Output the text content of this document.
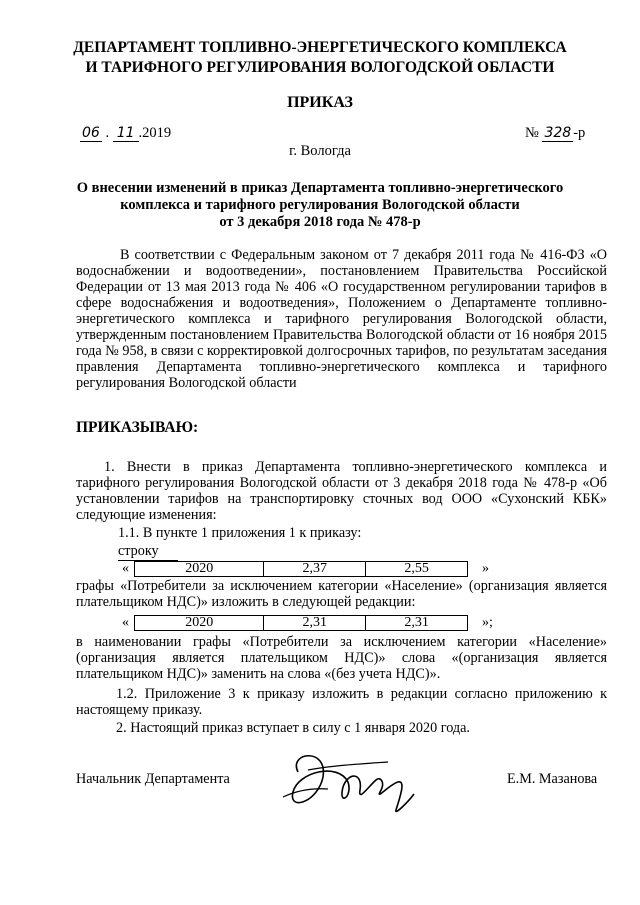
ДЕПАРТАМЕНТ ТОПЛИВНО-ЭНЕРГЕТИЧЕСКОГО КОМПЛЕКСА
И ТАРИФНОГО РЕГУЛИРОВАНИЯ ВОЛОГОДСКОЙ ОБЛАСТИ
ПРИКАЗ
06 . 11 .2019	№ 328 -р
г. Вологда
О внесении изменений в приказ Департамента топливно-энергетического
комплекса и тарифного регулирования Вологодской области
от 3 декабря 2018 года № 478-р
В соответствии с Федеральным законом от 7 декабря 2011 года № 416-ФЗ «О водоснабжении и водоотведении», постановлением Правительства Российской Федерации от 13 мая 2013 года № 406 «О государственном регулировании тарифов в сфере водоснабжения и водоотведения», Положением о Департаменте топливно-энергетического комплекса и тарифного регулирования Вологодской области, утвержденным постановлением Правительства Вологодской области от 16 ноября 2015 года № 958, в связи с корректировкой долгосрочных тарифов, по результатам заседания правления Департамента топливно-энергетического комплекса и тарифного регулирования Вологодской области
ПРИКАЗЫВАЮ:
1. Внести в приказ Департамента топливно-энергетического комплекса и тарифного регулирования Вологодской области от 3 декабря 2018 года № 478-р «Об установлении тарифов на транспортировку сточных вод ООО «Сухонский КБК» следующие изменения:
1.1. В пункте 1 приложения 1 к приказу:
строку
«	2020	2,37	2,55	»
графы «Потребители за исключением категории «Население» (организация является плательщиком НДС)» изложить в следующей редакции:
«	2020	2,31	2,31	»;
в наименовании графы «Потребители за исключением категории «Население» (организация является плательщиком НДС)» слова «(организация является плательщиком НДС)» заменить на слова «(без учета НДС)».
1.2. Приложение 3 к приказу изложить в редакции согласно приложению к настоящему приказу.
2. Настоящий приказ вступает в силу с 1 января 2020 года.
Начальник Департамента	Е.М. Мазанова
